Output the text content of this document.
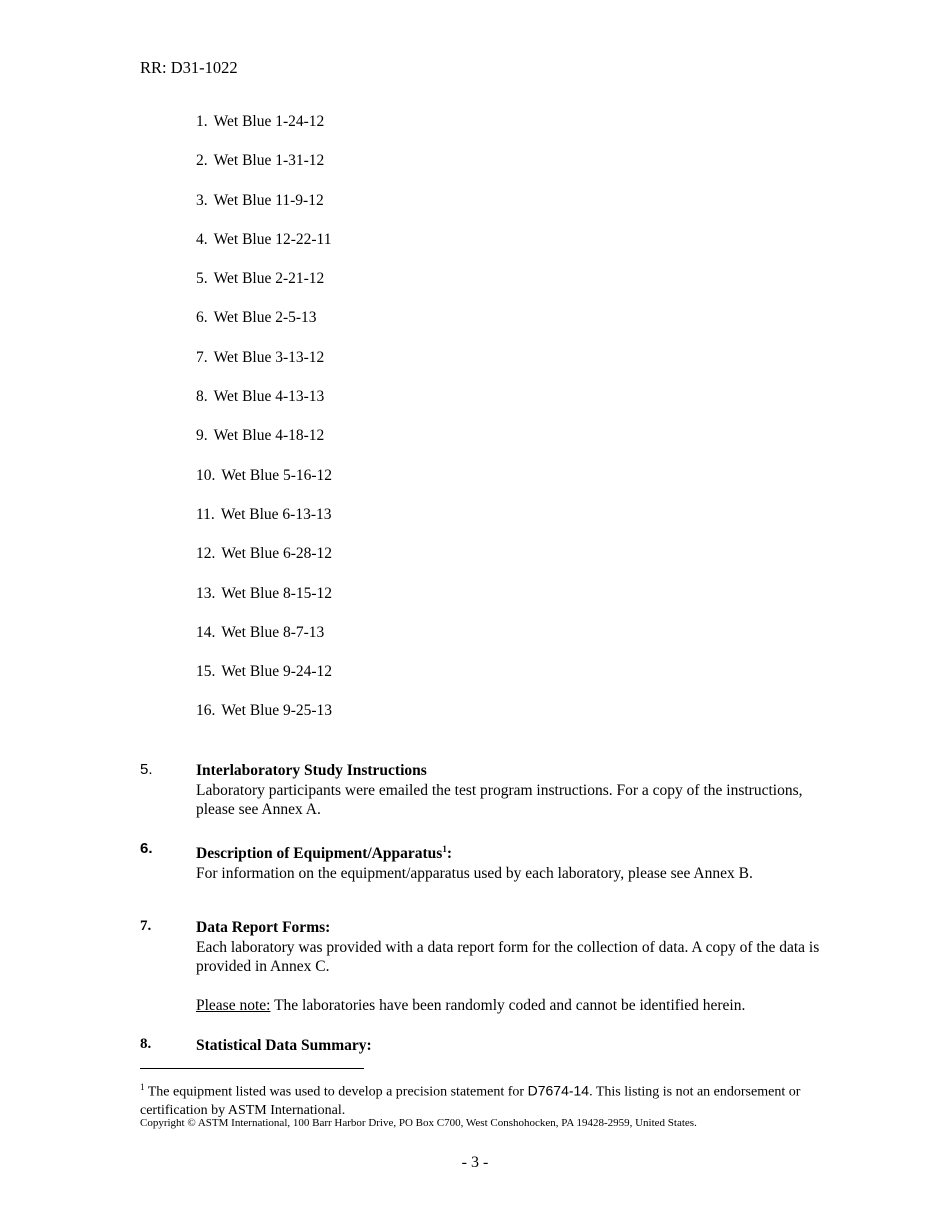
RR: D31-1022
1. Wet Blue 1-24-12
2. Wet Blue 1-31-12
3. Wet Blue 11-9-12
4. Wet Blue 12-22-11
5. Wet Blue 2-21-12
6. Wet Blue 2-5-13
7. Wet Blue 3-13-12
8. Wet Blue 4-13-13
9. Wet Blue 4-18-12
10. Wet Blue 5-16-12
11. Wet Blue 6-13-13
12. Wet Blue 6-28-12
13. Wet Blue 8-15-12
14. Wet Blue 8-7-13
15. Wet Blue 9-24-12
16. Wet Blue 9-25-13
5.	Interlaboratory Study Instructions
Laboratory participants were emailed the test program instructions. For a copy of the instructions, please see Annex A.
6.	Description of Equipment/Apparatus$^1$:
For information on the equipment/apparatus used by each laboratory, please see Annex B.
7.	Data Report Forms:
Each laboratory was provided with a data report form for the collection of data. A copy of the data is provided in Annex C.
Please note: The laboratories have been randomly coded and cannot be identified herein.
8.	Statistical Data Summary:
$^1$ The equipment listed was used to develop a precision statement for D7674-14. This listing is not an endorsement or certification by ASTM International.
Copyright © ASTM International, 100 Barr Harbor Drive, PO Box C700, West Conshohocken, PA 19428-2959, United States.
- 3 -
